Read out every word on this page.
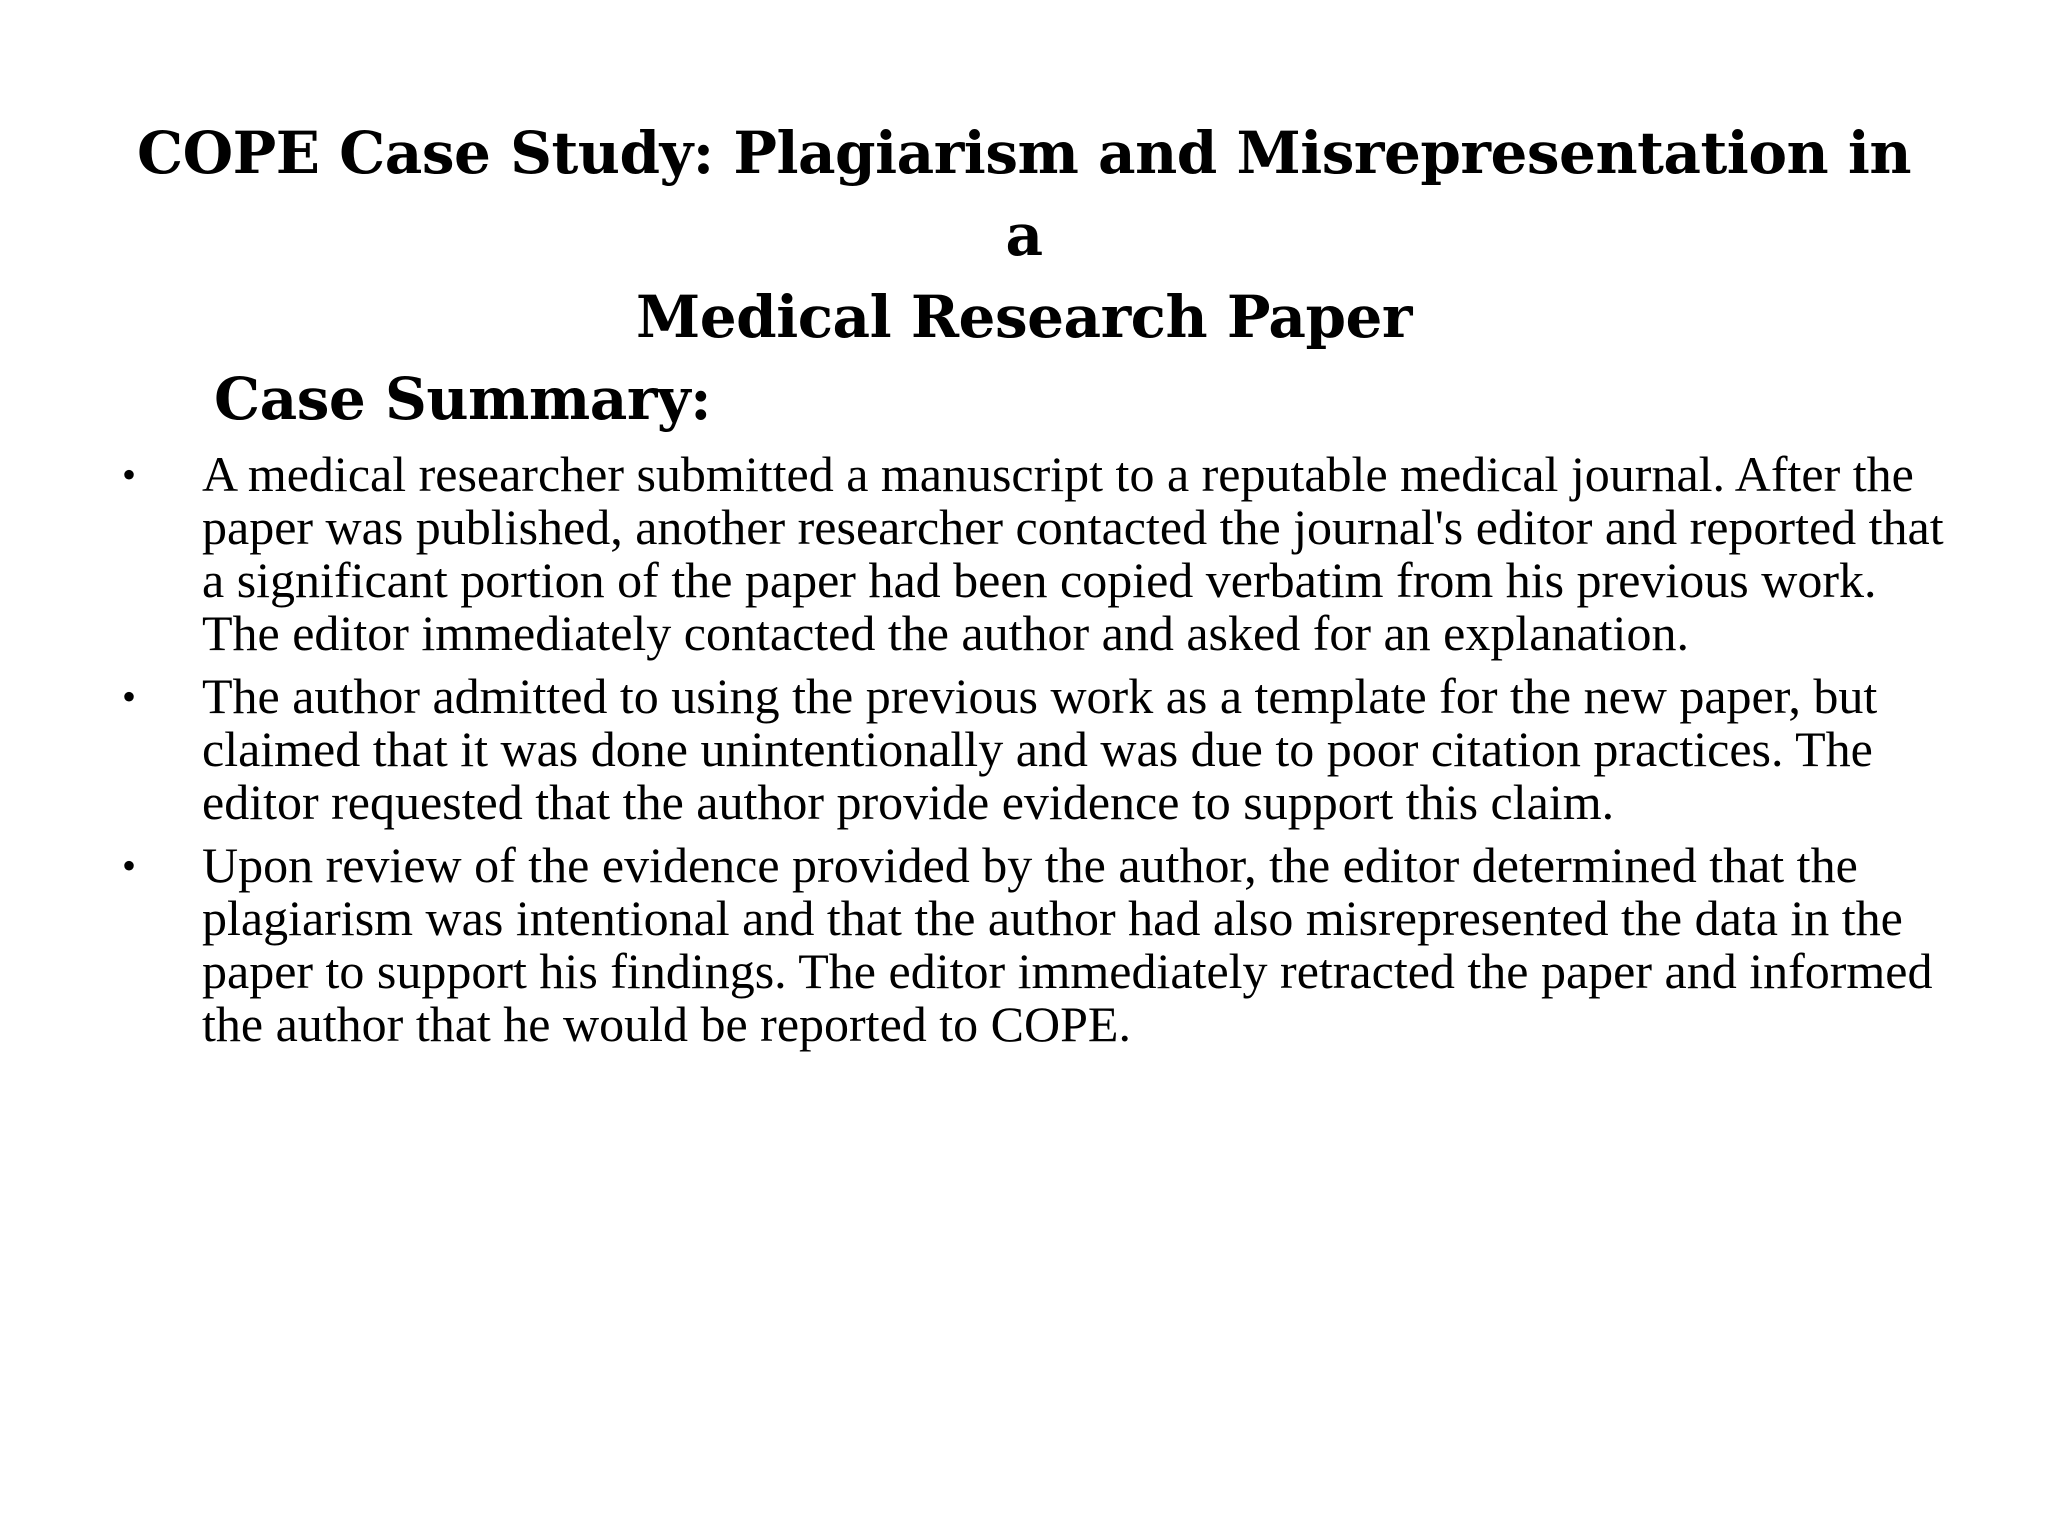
COPE Case Study: Plagiarism and Misrepresentation in a
Medical Research Paper
Case Summary:
•	A medical researcher submitted a manuscript to a reputable medical journal. After the paper was published, another researcher contacted the journal's editor and reported that a significant portion of the paper had been copied verbatim from his previous work. The editor immediately contacted the author and asked for an explanation.
•	The author admitted to using the previous work as a template for the new paper, but claimed that it was done unintentionally and was due to poor citation practices. The editor requested that the author provide evidence to support this claim.
•	Upon review of the evidence provided by the author, the editor determined that the plagiarism was intentional and that the author had also misrepresented the data in the paper to support his findings. The editor immediately retracted the paper and informed the author that he would be reported to COPE.
